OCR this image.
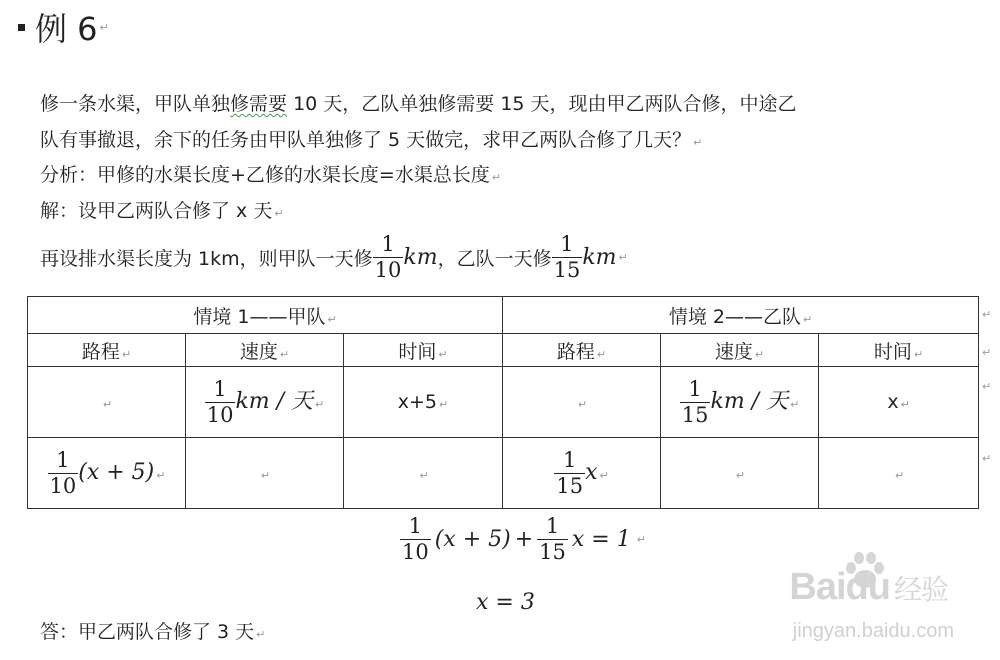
例 6 ↵
修一条水渠，甲队单独修需要 10 天，乙队单独修需要 15 天，现由甲乙两队合修，中途乙
队有事撤退，余下的任务由甲队单独修了 5 天做完，求甲乙两队合修了几天？ ↵
分析：甲修的水渠长度+乙修的水渠长度=水渠总长度 ↵
解：设甲乙两队合修了 x 天 ↵
再设排水渠长度为 1km，则甲队一天修 $\frac{1}{10}$ km ，乙队一天修 $\frac{1}{15}$ km ↵
情境 1——甲队 ↵			情境 2——乙队 ↵		
路程 ↵	速度 ↵	时间 ↵	路程 ↵	速度 ↵	时间 ↵
↵	$\frac{1}{10}$ km / 天 ↵	x+5 ↵	↵	$\frac{1}{15}$ km / 天 ↵	x ↵

$\frac{1}{10} (x + 5)$ ↵	↵	↵	$\frac{1}{15}$ x ↵	↵	↵
↵
↵
↵
↵
$\frac{1}{10} (x + 5) + \frac{1}{15}$ x = 1 ↵
x = 3
答：甲乙两队合修了 3 天 ↵
Baidu 经验
jingyan.baidu.com
